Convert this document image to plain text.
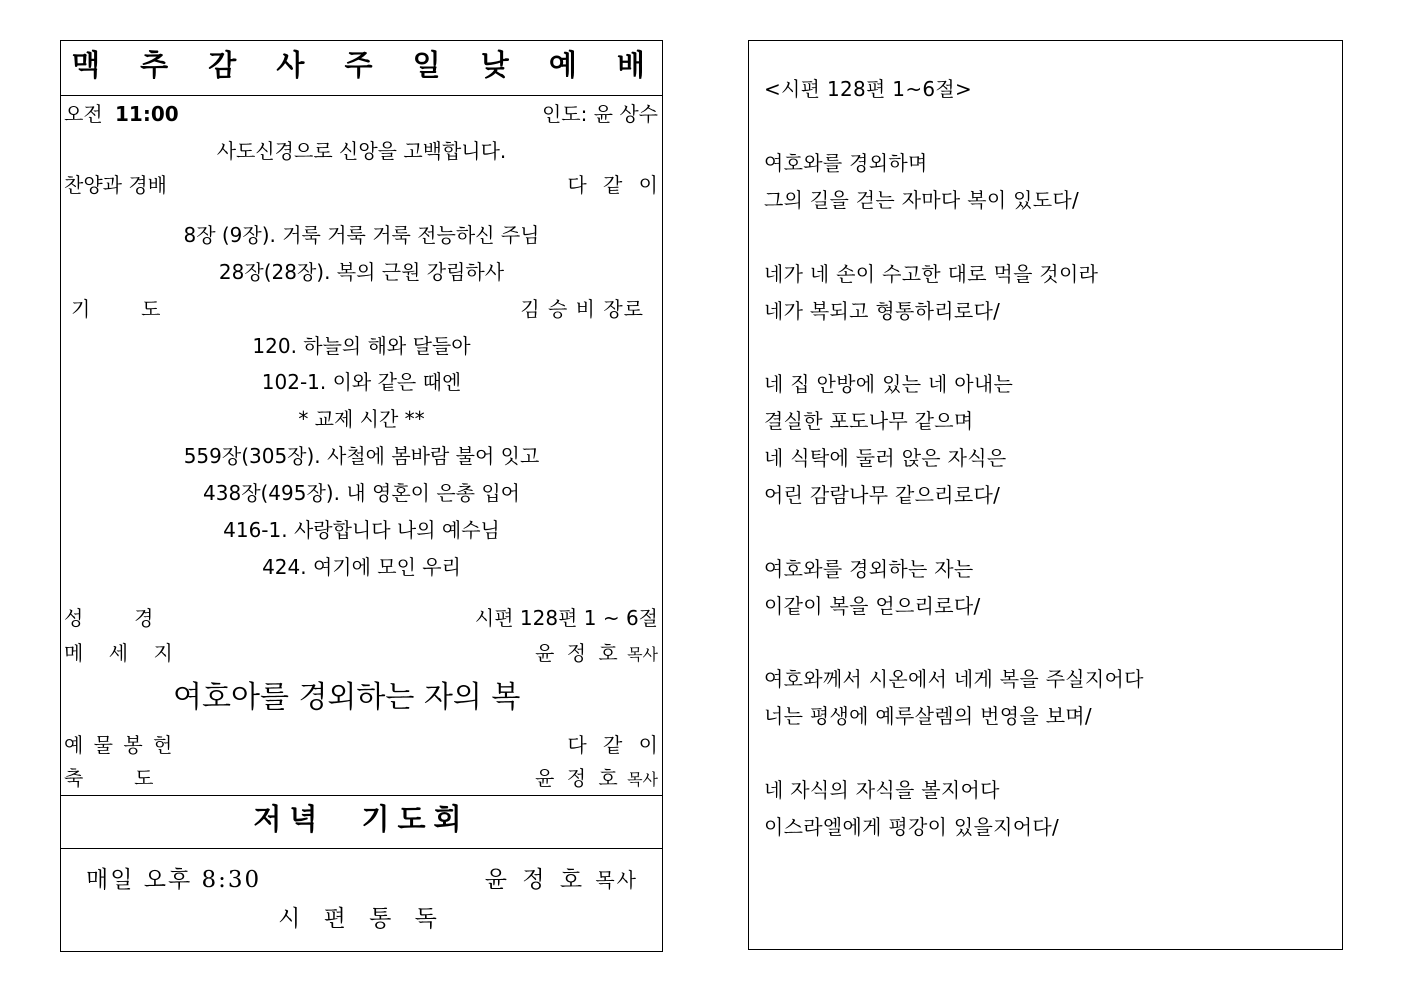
맥 추 감 사 주 일 낮 예 배
오전 11:00	인도: 윤 상수
사도신경으로 신앙을 고백합니다.
찬양과 경배	다 같 이
8장 (9장). 거룩 거룩 거룩 전능하신 주님
28장(28장). 복의 근원 강림하사
기        도	김 승 비 장로
120. 하늘의 해와 달들아
102-1. 이와 같은 때엔
* 교제 시간 **
559장(305장). 사철에 봄바람 불어 잇고
438장(495장). 내 영혼이 은총 입어
416-1. 사랑합니다 나의 예수님
424. 여기에 모인 우리
성        경	시편 128편 1 ~ 6절
메    세    지	윤 정 호 목사
여호아를 경외하는 자의 복
예 물 봉 헌	다 같 이
축        도	윤 정 호 목사
저녁 기도회
매일 오후 8:30	윤 정 호 목사
시 편 통 독
<시편 128편 1~6절>
여호와를 경외하며
그의 길을 걷는 자마다 복이 있도다/
네가 네 손이 수고한 대로 먹을 것이라
네가 복되고 형통하리로다/
네 집 안방에 있는 네 아내는
결실한 포도나무 같으며
네 식탁에 둘러 앉은 자식은
어린 감람나무 같으리로다/
여호와를 경외하는 자는
이같이 복을 얻으리로다/
여호와께서 시온에서 네게 복을 주실지어다
너는 평생에 예루살렘의 번영을 보며/
네 자식의 자식을 볼지어다
이스라엘에게 평강이 있을지어다/
